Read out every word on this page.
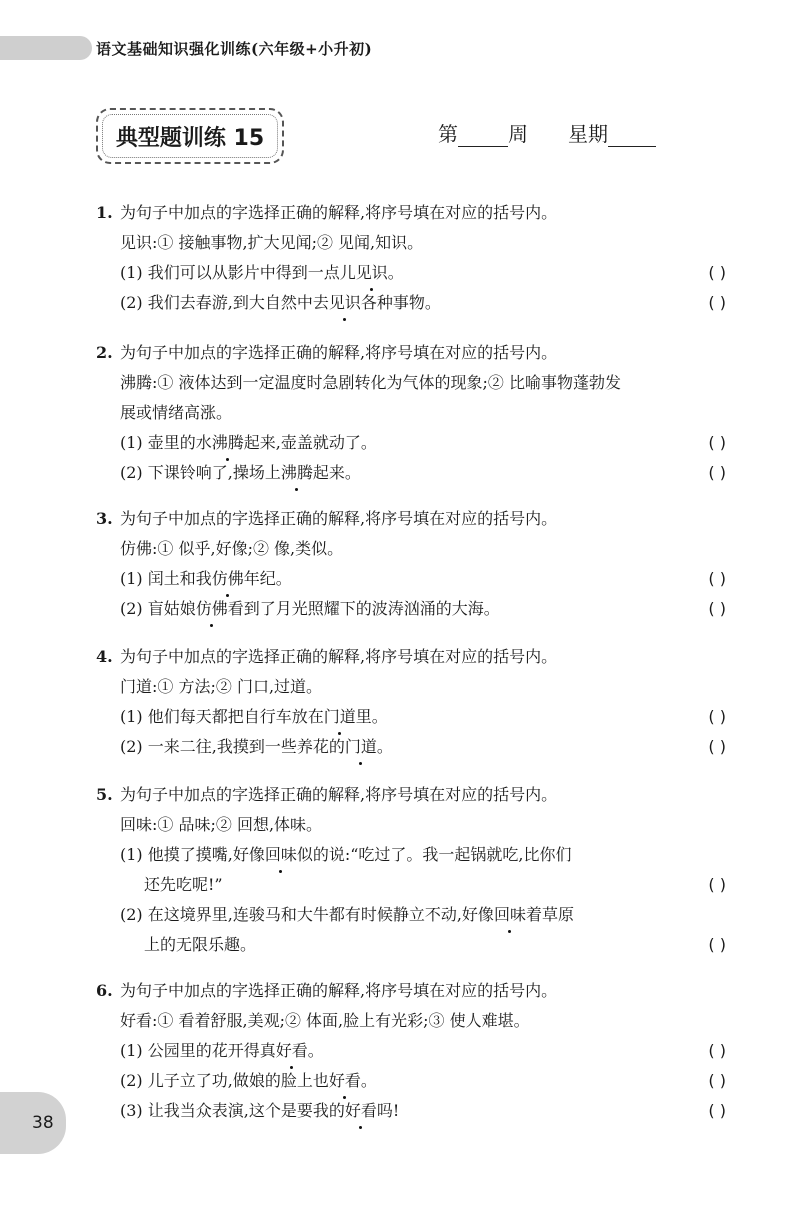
语文基础知识强化训练(六年级+小升初)
典型题训练 15	第	周 星期
1. 为句子中加点的字选择正确的解释,将序号填在对应的括号内。
见识:① 接触事物,扩大见闻;② 见闻,知识。
(1) 我们可以从影片中得到一点儿见识。	( )
(2) 我们去春游,到大自然中去见识各种事物。	( )
2. 为句子中加点的字选择正确的解释,将序号填在对应的括号内。
沸腾:① 液体达到一定温度时急剧转化为气体的现象;② 比喻事物蓬勃发
展或情绪高涨。
(1) 壶里的水沸腾起来,壶盖就动了。	( )
(2) 下课铃响了,操场上沸腾起来。	( )
3. 为句子中加点的字选择正确的解释,将序号填在对应的括号内。
仿佛:① 似乎,好像;② 像,类似。
(1) 闰土和我仿佛年纪。	( )
(2) 盲姑娘仿佛看到了月光照耀下的波涛汹涌的大海。	( )
4. 为句子中加点的字选择正确的解释,将序号填在对应的括号内。
门道:① 方法;② 门口,过道。
(1) 他们每天都把自行车放在门道里。	( )
(2) 一来二往,我摸到一些养花的门道。	( )
5. 为句子中加点的字选择正确的解释,将序号填在对应的括号内。
回味:① 品味;② 回想,体味。
(1) 他摸了摸嘴,好像回味似的说:“吃过了。我一起锅就吃,比你们
还先吃呢!”	( )
(2) 在这境界里,连骏马和大牛都有时候静立不动,好像回味着草原
上的无限乐趣。	( )
6. 为句子中加点的字选择正确的解释,将序号填在对应的括号内。
好看:① 看着舒服,美观;② 体面,脸上有光彩;③ 使人难堪。
(1) 公园里的花开得真好看。	( )
(2) 儿子立了功,做娘的脸上也好看。	( )
(3) 让我当众表演,这个是要我的好看吗!	( )
38
